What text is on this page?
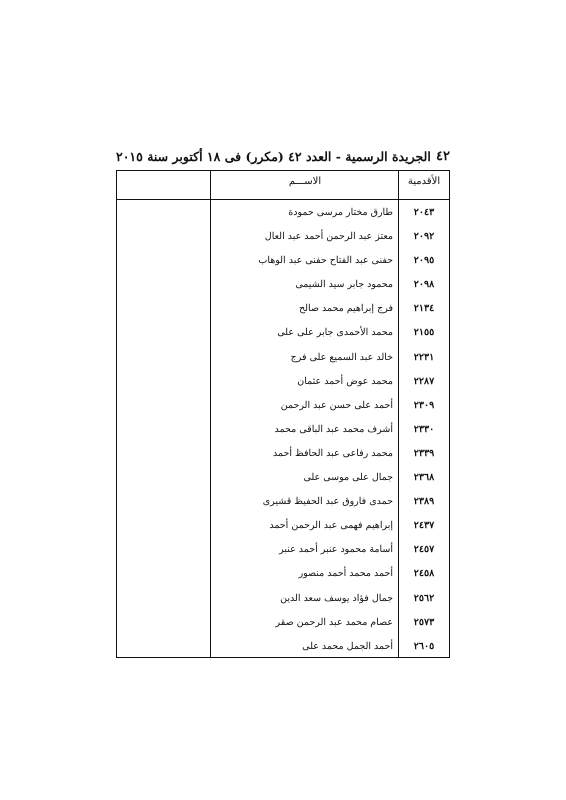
٤٢
الجريدة الرسمية - العدد ٤٢ (مكرر) فى ١٨ أكتوبر سنة ٢٠١٥
الأقدمية
الاســـم
٢٠٤٣
طارق مختار مرسى حمودة
٢٠٩٢
معتز عبد الرحمن أحمد عبد العال
٢٠٩٥
حفنى عبد الفتاح حفنى عبد الوهاب
٢٠٩٨
محمود جابر سيد الشيمى
٢١٣٤
فرج إبراهيم محمد صالح
٢١٥٥
محمد الأحمدى جابر على على
٢٢٣١
خالد عبد السميع على فرج
٢٢٨٧
محمد عوض أحمد عثمان
٢٣٠٩
أحمد على حسن عبد الرحمن
٢٣٣٠
أشرف محمد عبد الباقى محمد
٢٣٣٩
محمد رفاعى عبد الحافظ أحمد
٢٣٦٨
جمال على موسى على
٢٣٨٩
حمدى فاروق عبد الحفيظ قشيرى
٢٤٣٧
إبراهيم فهمى عبد الرحمن أحمد
٢٤٥٧
أسامة محمود عنبر أحمد عنبر
٢٤٥٨
أحمد محمد أحمد منصور
٢٥٦٢
جمال فؤاد يوسف سعد الدين
٢٥٧٣
عصام محمد عبد الرحمن صقر
٢٦٠٥
أحمد الجمل محمد على
